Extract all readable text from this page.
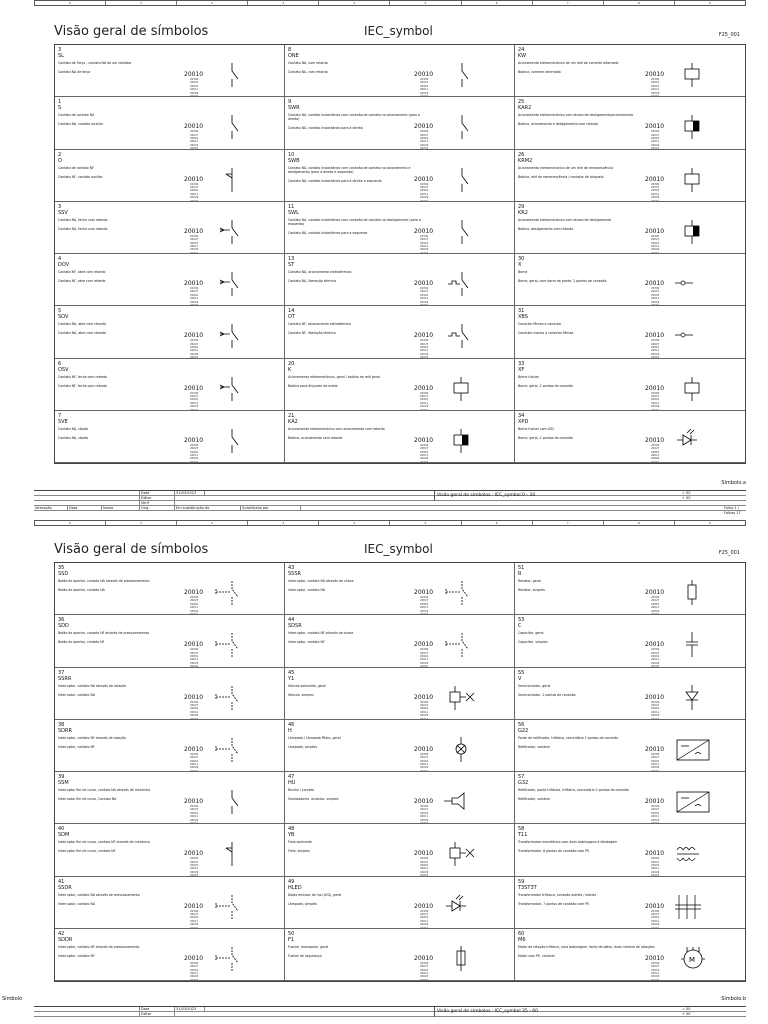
0	1	2	3	4	5	6	7	8	9
Visão geral de símbolos	IEC_symbol	F25_001
3
SL
Contato de Força - contato NA de um contator
Contato NA de força	20010
20300
20027
20901
20011
20029
20201
8
ONE
Contato NA, com retardo
Contato NA, com retardo	20010
20300
20027
20901
20011
20029
20201
24
KW
Acionamento eletromecânico de um relé de corrente alternada
Bobina, corrente alternada	20010
20300
20027
20901
20011
20029
20201
1
S
Contato de contato NA
Contato NA, contato auxiliar	20010
20300
20027
20901
20011
20029
20201
9
SWR
Contato NA, contato instantâneo com conexão de contato no acionamento (para a direita)
Contato NA, contato instantâneo para a direita	20010
20300
20027
20901
20011
20029
20201
25
KAR2
Acionamento eletromecânico com atraso de desligamento/acionamento
Bobina, acionamento e desligamento com retardo	20010
20300
20027
20901
20011
20029
20201
2
O
Contato de contato NF
Contato NF, contato auxiliar	20010
20300
20027
20901
20011
20029
20201
10
SWB
Contato NA, contato instantâneo com conexão de contato no acionamento e desligamento (para a direita e esquerda)
Contato NA, contato instantâneo para a direita e esquerda	20010
20300
20027
20901
20011
20029
20201
26
KRM2
Acionamento eletromecânico de um relé de remanescência
Bobina, relé de remanescência / contator de bloqueio	20010
20300
20027
20901
20011
20029
20201
3
SSV
Contato NA, fecha com retardo
Contato NA, fecha com retardo	20010
20300
20027
20901
20011
20029
20201
11
SWL
Contato NA, contato instantâneo com conexão de contato no desligamento (para a esquerda)
Contato NA, contato instantâneo para a esquerda	20010
20300
20027
20901
20011
20029
20201
29
KR2
Acionamento eletromecânico com atraso de desligamento
Bobina, desligamento com retardo	20010
20300
20027
20901
20011
20029
20201
4
DOV
Contato NF, abre com retardo
Contato NF, abre com retardo	20010
20300
20027
20901
20011
20029
20201
13
ST
Contato NA, acionamento eletrotérmico
Contato NA, liberação térmica	20010
20300
20027
20901
20011
20029
20201
30
X
Borne
Borne, geral, com barra de ponte, 2 pontos de conexão	20010
20300
20027
20901
20011
20029
20201
5
SOV
Contato NA, abre com retardo
Contato NA, abre com retardo	20010
20300
20027
20901
20011
20029
20201
14
OT
Contato NF, acionamento eletrotérmico
Contato NF, liberação térmica	20010
20300
20027
20901
20011
20029
20201
31
XBS
Conector fêmea e conector
Conector macho e conector fêmea	20010
20300
20027
20901
20011
20029
20201
6
OSV
Contato NF, fecha com retardo
Contato NF, fecha com retardo	20010
20300
20027
20901
20011
20029
20201
20
K
Acionamento eletromecânico, geral / bobina do relé geral
Bobina para disjuntor de motor	20010
20300
20027
20901
20011
20029
20201
33
XF
Borne fusível
Borne, geral, 2 pontos de conexão	20010
20300
20027
20901
20011
20029
20201
7
SVE
Contato NA, rápido
Contato NA, rápido	20010
20300
20027
20901
20011
20029
20201
21
KA2
Acionamento eletromecânico com acionamento com retardo
Bobina, acionamento com retardo	20010
20300
20027
20901
20011
20029
20201
34
XPD
Borne fusível com LED
Borne, geral, 2 pontos de conexão	20010
20300
20027
20901
20011
20029
20201
Símbolo.a
Data	31/03/2023
Editor
Verif
Alteração	Data	Nome	Orig.	Em substituição de	Substituído por
Visão geral de símbolos : IEC_symbol 0 - 34	= 00
+ 00
Folha 1 / Folhas 17
0	1	2	3	4	5	6	7	8	9
Visão geral de símbolos	IEC_symbol	F25_001
35
SSD
Botão de apertar, contato NA através de pressionamento
Botão de apertar, contato NA	20010
20300
20027
20901
20011
20029
20201
43
SSSR
Interruptor, contato NA através de chave
Interruptor, contato NA	20010
20300
20027
20901
20011
20029
20201
51
R
Resistor, geral
Resistor, simples	20010
20300
20027
20901
20011
20029
20201
36
SDD
Botão de apertar, contato NF através de pressionamento
Botão de apertar, contato NF	20010
20300
20027
20901
20011
20029
20201
44
SDSR
Interruptor, contato NF através de chave
Interruptor, contato NF	20010
20300
20027
20901
20011
20029
20201
53
C
Capacitor, geral
Capacitor, simples	20010
20300
20027
20901
20011
20029
20201
37
SSRR
Interruptor, contato NA através de rotação
Interruptor, contato NA	20010
20300
20027
20901
20011
20029
20201
45
Y1
Válvula solenoide, geral
Válvula, simples	20010
20300
20027
20901
20011
20029
20201
55
V
Semicondutor, geral
Semicondutor, 2 pontos de conexão	20010
20300
20027
20901
20011
20029
20201
38
SDRR
Interruptor, contato NF através de rotação
Interruptor, contato NF	20010
20300
20027
20901
20011
20029
20201
46
H
Lâmpada / Lâmpada Piloto, geral
Lâmpada, simples	20010
20300
20027
20901
20011
20029
20201
56
G22
Ponte de retificador, trifásico, secundário 2 pontos de conexão
Retificador, variável	20010
20300
20027
20901
20011
20029
20201
39
SSM
Interruptor fim de curso, contato NA através de mecânico
Interruptor fim de curso, Contato NA	20010
20300
20027
20901
20011
20029
20201
47
HU
Buzina / corneta
Sinalizadores, acústico, simples	20010
20300
20027
20901
20011
20029
20201
57
G32
Retificador, ponte trifásica, trifásico, secundário 2 pontos de conexão
Retificador, variável	20010
20300
20027
20901
20011
20029
20201
40
SDM
Interruptor fim de curso, contato NF através de mecânico
Interruptor fim de curso, contato NF	20010
20300
20027
20901
20011
20029
20201
48
YB
Freio solenoide
Freio, simples	20010
20300
20027
20901
20011
20029
20201
58
T11
Transformador monofásico com duas bobinagens e blindagem
Transformador, 6 pontos de conexão com PE	20010
20300
20027
20901
20011
20029
20201
41
SSDR
Interruptor, contato NA através de pressionamento
Interruptor, contato NA	20010
20300
20027
20901
20011
20029
20201
49
HLED
Diodo emissor de luz (LED), geral
Lâmpada, simples	20010
20300
20027
20901
20011
20029
20201
59
T3ST3T
Transformador trifásico, conexão estrela / estrela
Transformador, 7 pontos de conexão com PE	20010
20300
20027
20901
20011
20029
20201
42
SDDR
Interruptor, contato NF através de pressionamento
Interruptor, contato NF	20010
20300
20027
20901
20011
20029
20201
50
F1
Fusível, manopolar, geral
Fusível de segurança	20010
20300
20027
20901
20011
20029
20201
60
M6
Motor de rotação trifásico, uma bobinagem, fonte de pólos, duas número de rotações
Motor com PE, variável	20010
20300
20027
20901
20011
20029
20201
M
Símbolo	Símbolo.b
Data	31/03/2023
Editor	Visão geral de símbolos : IEC_symbol 35 - 60	= 00
+ 00
